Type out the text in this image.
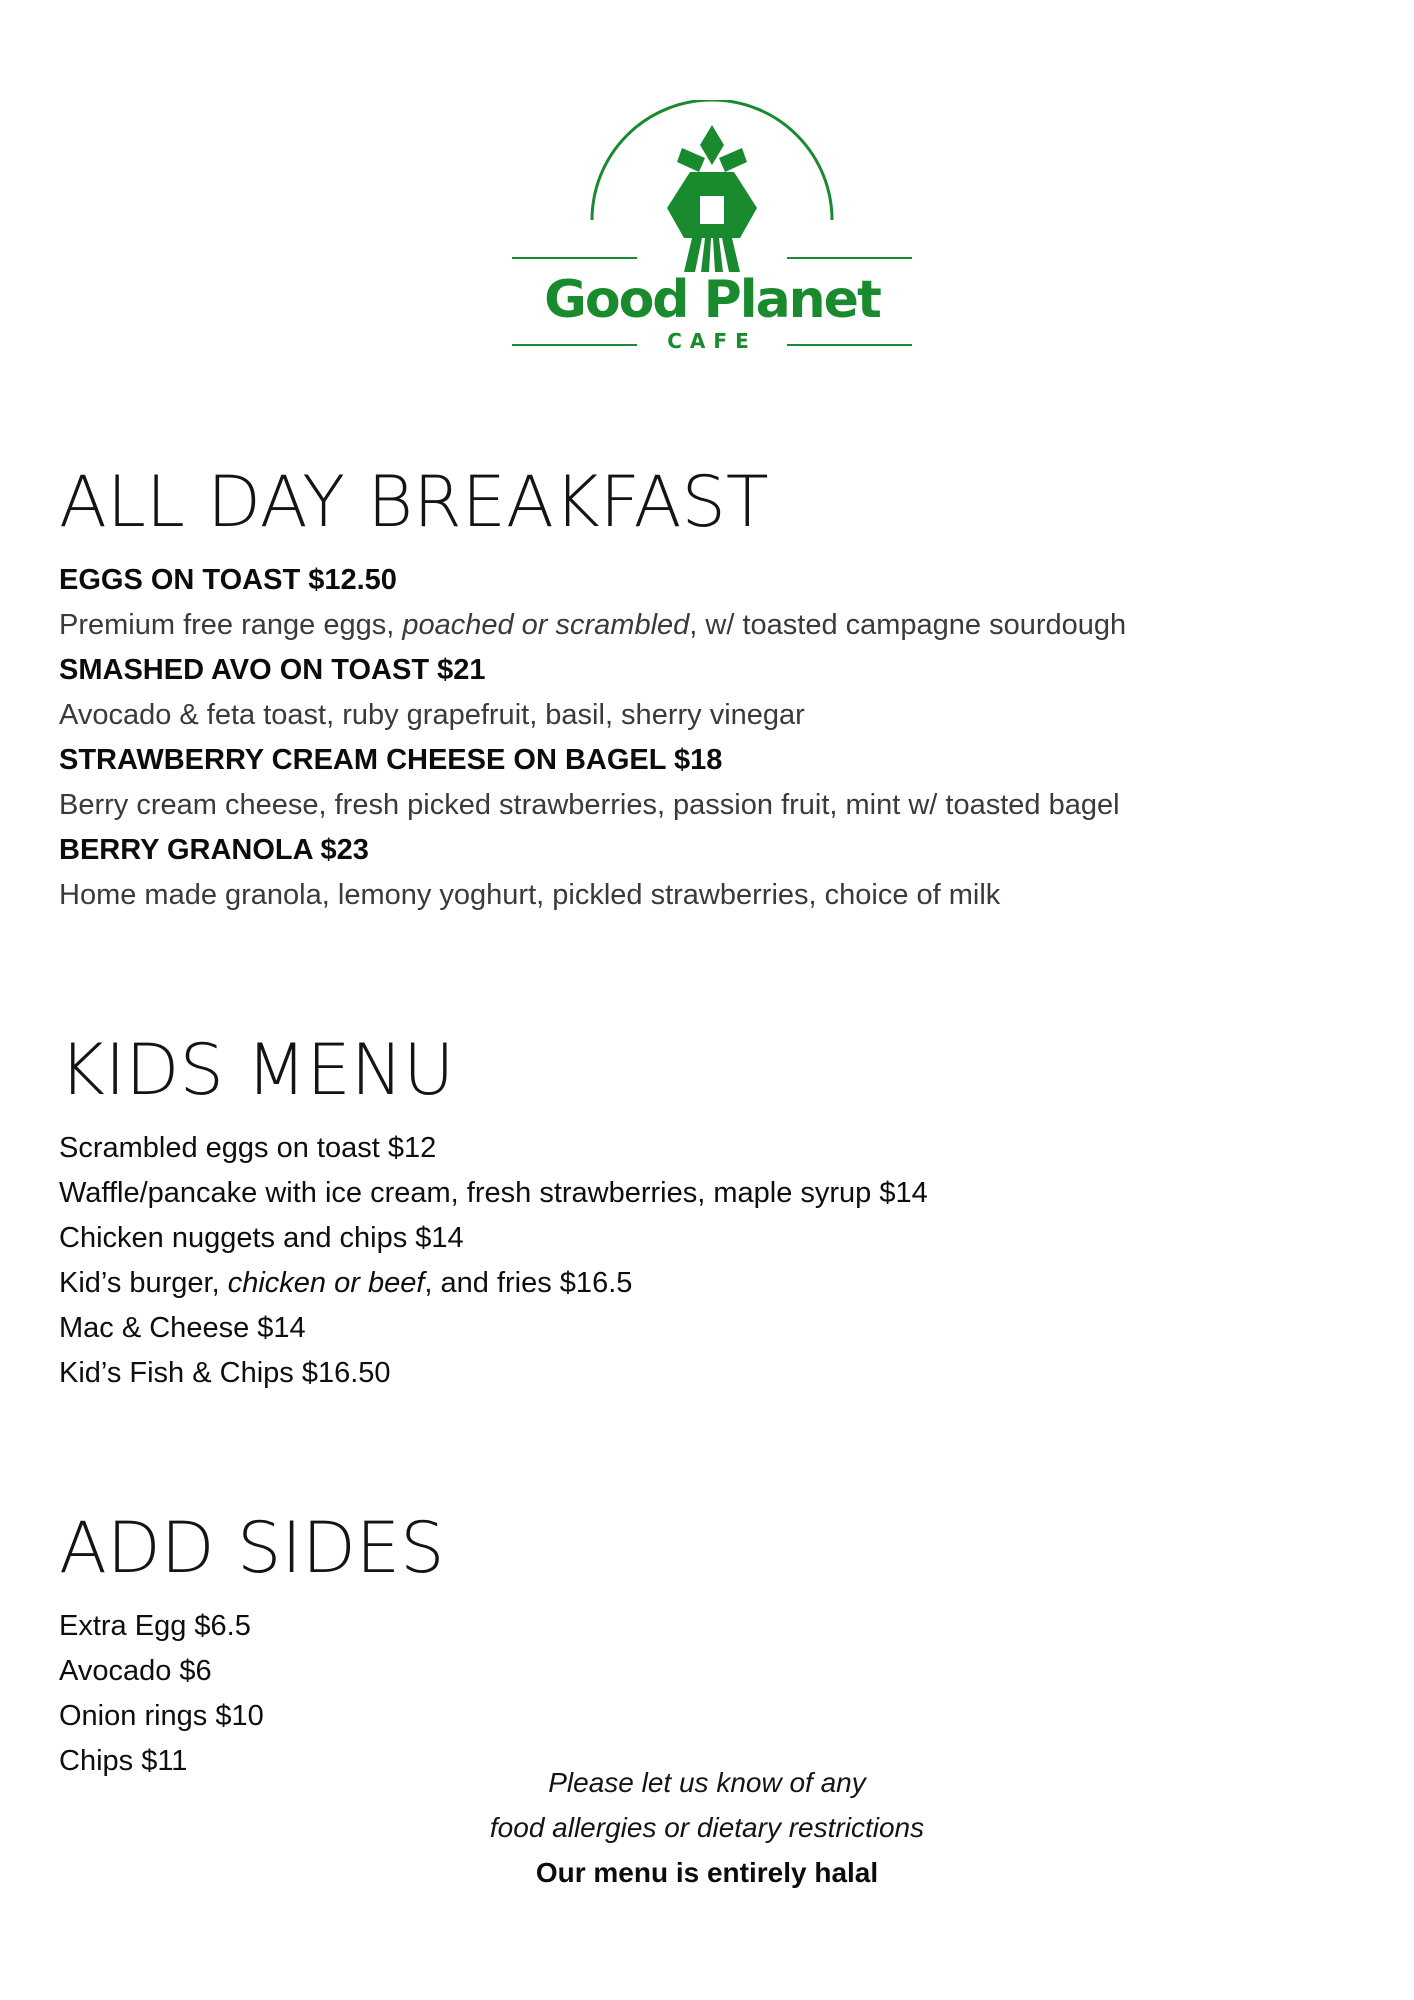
Good Planet
CAFE
ALL DAY BREAKFAST
EGGS ON TOAST $12.50
Premium free range eggs, poached or scrambled, w/ toasted campagne sourdough
SMASHED AVO ON TOAST $21
Avocado & feta toast, ruby grapefruit, basil, sherry vinegar
STRAWBERRY CREAM CHEESE ON BAGEL $18
Berry cream cheese, fresh picked strawberries, passion fruit, mint w/ toasted bagel
BERRY GRANOLA $23
Home made granola, lemony yoghurt, pickled strawberries, choice of milk
KIDS MENU
Scrambled eggs on toast $12
Waffle/pancake with ice cream, fresh strawberries, maple syrup $14
Chicken nuggets and chips $14
Kid’s burger, chicken or beef, and fries $16.5
Mac & Cheese $14
Kid’s Fish & Chips $16.50
ADD SIDES
Extra Egg $6.5
Avocado $6
Onion rings $10
Chips $11
Please let us know of any
food allergies or dietary restrictions
Our menu is entirely halal
